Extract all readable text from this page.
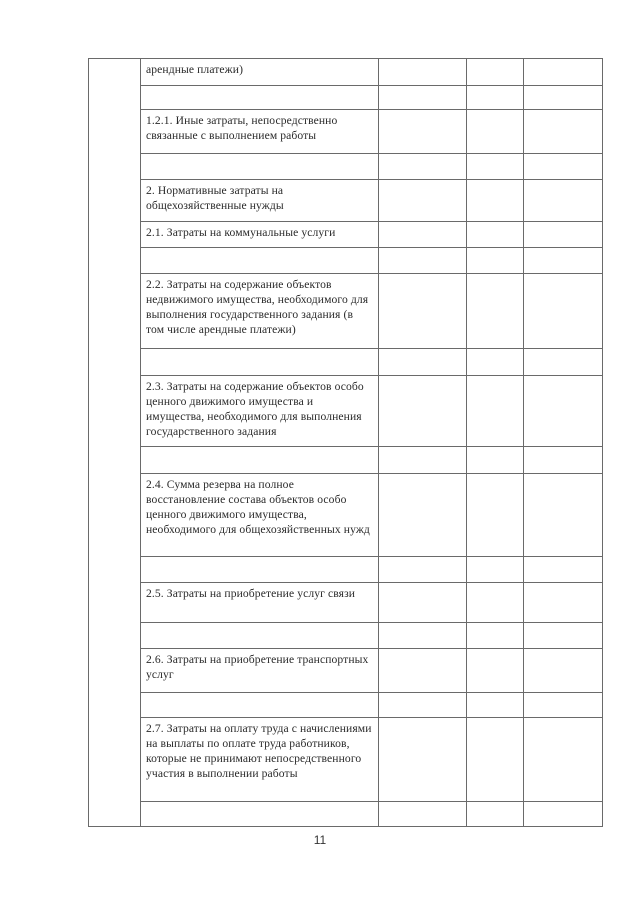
	арендные платежи)			

	1.2.1. Иные затраты, непосредственно связанные с выполнением работы			

	2. Нормативные затраты на общехозяйственные нужды			
	2.1. Затраты на коммунальные услуги			

	2.2. Затраты на содержание объектов недвижимого имущества, необходимого для выполнения государственного задания (в том числе арендные платежи)			

	2.3. Затраты на содержание объектов особо ценного движимого имущества и имущества, необходимого для выполнения государственного задания			

	2.4. Сумма резерва на полное восстановление состава объектов особо ценного движимого имущества, необходимого для общехозяйственных нужд			

	2.5. Затраты на приобретение услуг связи			

	2.6. Затраты на приобретение транспортных услуг			

	2.7. Затраты на оплату труда с начислениями на выплаты по оплате труда работников, которые не принимают непосредственного участия в выполнении работы			

11
